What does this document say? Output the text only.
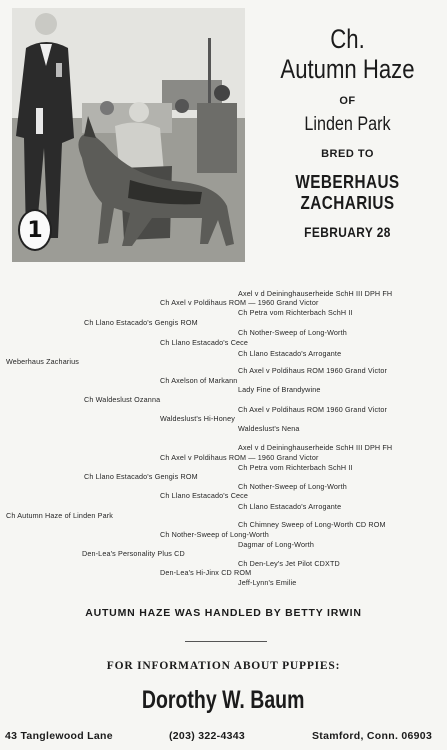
1
Ch.
Autumn Haze
OF
Linden Park
BRED TO
WEBERHAUS
ZACHARIUS
FEBRUARY 28
Axel v d Deininghauserheide SchH III DPH FH
Ch Axel v Poldihaus ROM — 1960 Grand Victor
Ch Petra vom Richterbach SchH II
Ch Llano Estacado's Gengis ROM
Ch Nother-Sweep of Long-Worth
Ch Llano Estacado's Cece
Ch Llano Estacado's Arrogante
Weberhaus Zacharius
Ch Axel v Poldihaus ROM 1960 Grand Victor
Ch Axelson of Markann
Lady Fine of Brandywine
Ch Waldeslust Ozanna
Ch Axel v Poldihaus ROM 1960 Grand Victor
Waldeslust's Hi-Honey
Waldeslust's Nena
Axel v d Deininghauserheide SchH III DPH FH
Ch Axel v Poldihaus ROM — 1960 Grand Victor
Ch Petra vom Richterbach SchH II
Ch Llano Estacado's Gengis ROM
Ch Nother-Sweep of Long-Worth
Ch Llano Estacado's Cece
Ch Llano Estacado's Arrogante
Ch Autumn Haze of Linden Park
Ch Chimney Sweep of Long-Worth CD ROM
Ch Nother-Sweep of Long-Worth
Dagmar of Long-Worth
Den-Lea's Personality Plus CD
Ch Den-Ley's Jet Pilot CDXTD
Den-Lea's Hi-Jinx CD ROM
Jeff-Lynn's Emilie
AUTUMN HAZE WAS HANDLED BY BETTY IRWIN
FOR INFORMATION ABOUT PUPPIES:
Dorothy W. Baum
43 Tanglewood Lane	(203) 322-4343	Stamford, Conn. 06903
